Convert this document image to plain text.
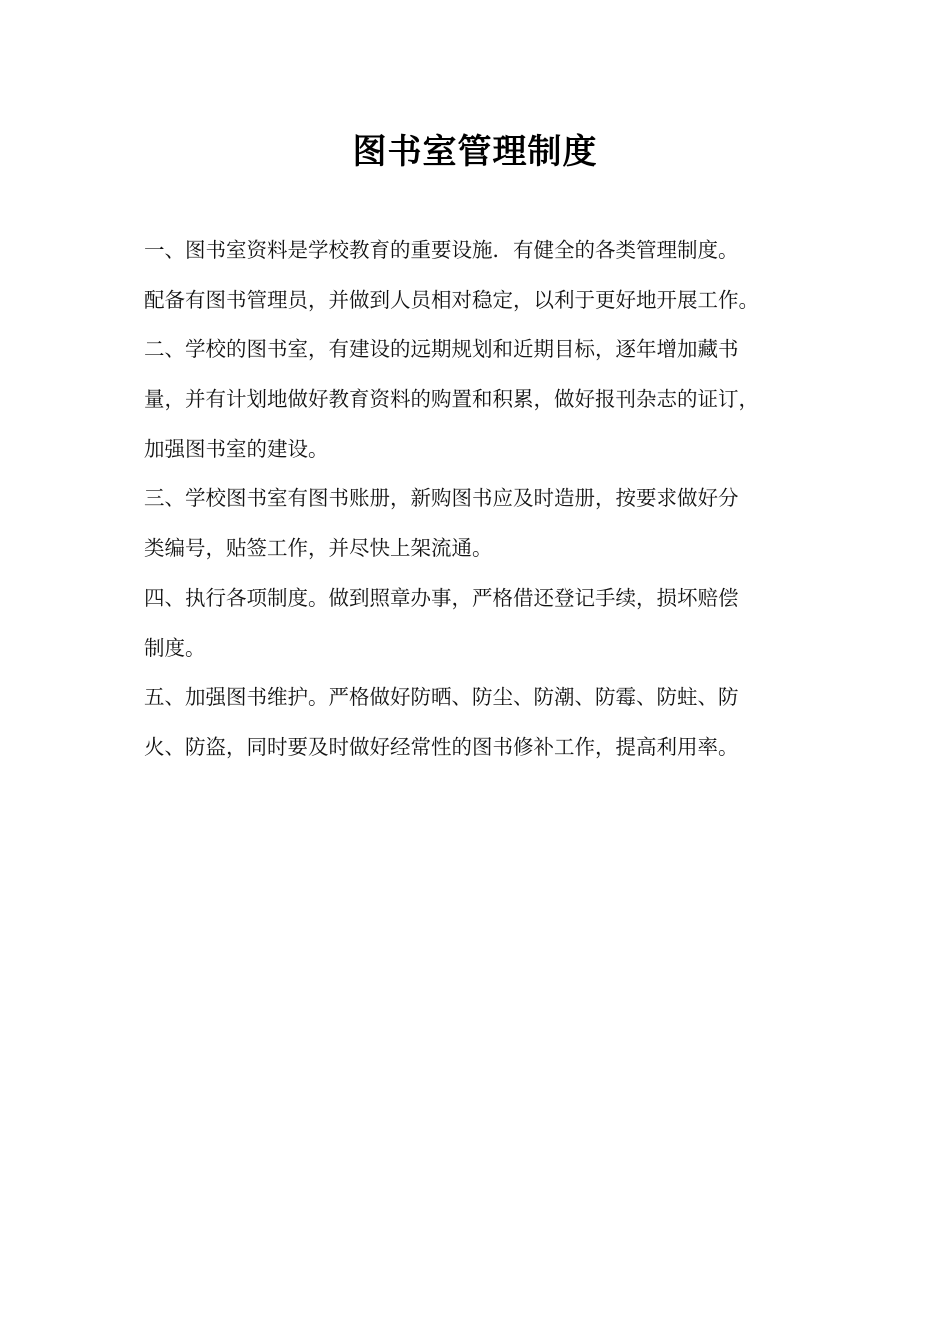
图书室管理制度
一、图书室资料是学校教育的重要设施．有健全的各类管理制度。
配备有图书管理员，并做到人员相对稳定，以利于更好地开展工作。
二、学校的图书室，有建设的远期规划和近期目标，逐年增加藏书
量，并有计划地做好教育资料的购置和积累，做好报刊杂志的证订，
加强图书室的建设。
三、学校图书室有图书账册，新购图书应及时造册，按要求做好分
类编号，贴签工作，并尽快上架流通。
四、执行各项制度。做到照章办事，严格借还登记手续，损坏赔偿
制度。
五、加强图书维护。严格做好防晒、防尘、防潮、防霉、防蛀、防
火、防盗，同时要及时做好经常性的图书修补工作，提高利用率。
